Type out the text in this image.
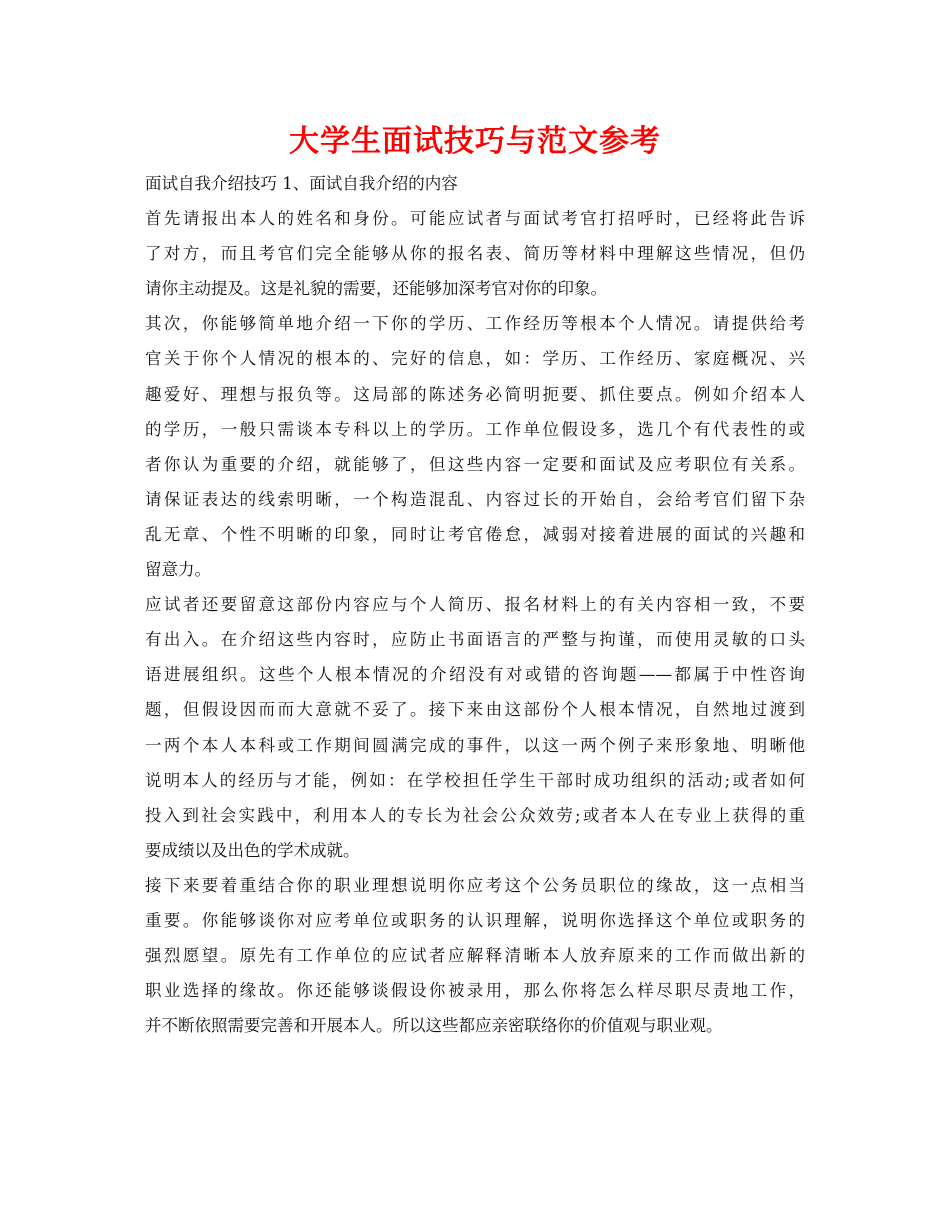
大学生面试技巧与范文参考
面试自我介绍技巧 1、面试自我介绍的内容
首先请报出本人的姓名和身份。可能应试者与面试考官打招呼时，已经将此告诉
了对方，而且考官们完全能够从你的报名表、简历等材料中理解这些情况，但仍
请你主动提及。这是礼貌的需要，还能够加深考官对你的印象。
其次，你能够简单地介绍一下你的学历、工作经历等根本个人情况。请提供给考
官关于你个人情况的根本的、完好的信息，如：学历、工作经历、家庭概况、兴
趣爱好、理想与报负等。这局部的陈述务必简明扼要、抓住要点。例如介绍本人
的学历，一般只需谈本专科以上的学历。工作单位假设多，选几个有代表性的或
者你认为重要的介绍，就能够了，但这些内容一定要和面试及应考职位有关系。
请保证表达的线索明晰，一个构造混乱、内容过长的开始自，会给考官们留下杂
乱无章、个性不明晰的印象，同时让考官倦怠，减弱对接着进展的面试的兴趣和
留意力。
应试者还要留意这部份内容应与个人简历、报名材料上的有关内容相一致，不要
有出入。在介绍这些内容时，应防止书面语言的严整与拘谨，而使用灵敏的口头
语进展组织。这些个人根本情况的介绍没有对或错的咨询题——都属于中性咨询
题，但假设因而而大意就不妥了。接下来由这部份个人根本情况，自然地过渡到
一两个本人本科或工作期间圆满完成的事件，以这一两个例子来形象地、明晰他
说明本人的经历与才能，例如：在学校担任学生干部时成功组织的活动;或者如何
投入到社会实践中，利用本人的专长为社会公众效劳;或者本人在专业上获得的重
要成绩以及出色的学术成就。
接下来要着重结合你的职业理想说明你应考这个公务员职位的缘故，这一点相当
重要。你能够谈你对应考单位或职务的认识理解，说明你选择这个单位或职务的
强烈愿望。原先有工作单位的应试者应解释清晰本人放弃原来的工作而做出新的
职业选择的缘故。你还能够谈假设你被录用，那么你将怎么样尽职尽责地工作，
并不断依照需要完善和开展本人。所以这些都应亲密联络你的价值观与职业观。
